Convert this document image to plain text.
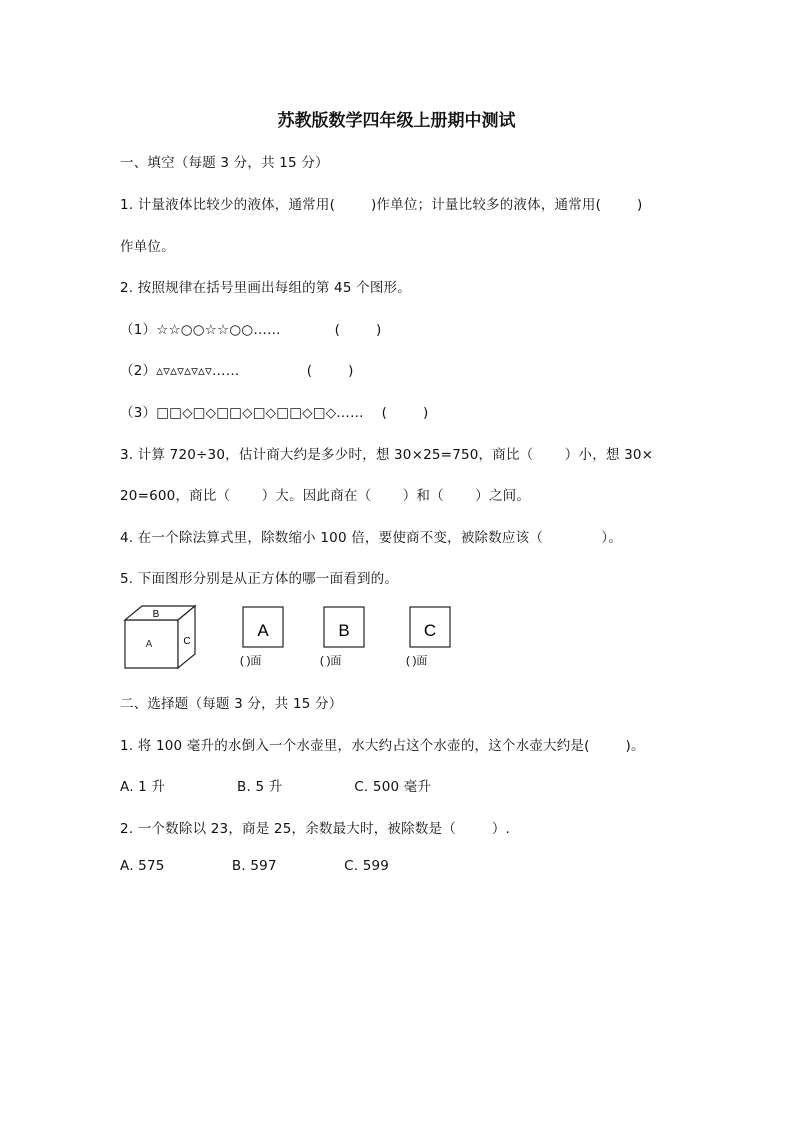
苏教版数学四年级上册期中测试
一、填空（每题 3 分，共 15 分）
1. 计量液体比较少的液体，通常用(        )作单位；计量比较多的液体，通常用(        )
作单位。
2. 按照规律在括号里画出每组的第 45 个图形。
（1）☆☆○○☆☆○○……            (        )
（2）▵▿▵▿▵▿▵▿……               (        )
（3）□□◇□◇□□◇□◇□□◇□◇……    (        )
3. 计算 720÷30，估计商大约是多少时，想 30×25=750，商比（       ）小，想 30×
20=600，商比（       ）大。因此商在（       ）和（       ）之间。
4. 在一个除法算式里，除数缩小 100 倍，要使商不变，被除数应该（             ）。
5. 下面图形分别是从正方体的哪一面看到的。
B
A	C
A
( )面
B
( )面
C
( )面
二、选择题（每题 3 分，共 15 分）
1. 将 100 毫升的水倒入一个水壶里，水大约占这个水壶的，这个水壶大约是(        )。
A. 1 升                B. 5 升                C. 500 毫升
2. 一个数除以 23，商是 25，余数最大时，被除数是（        ）.
A. 575               B. 597               C. 599
